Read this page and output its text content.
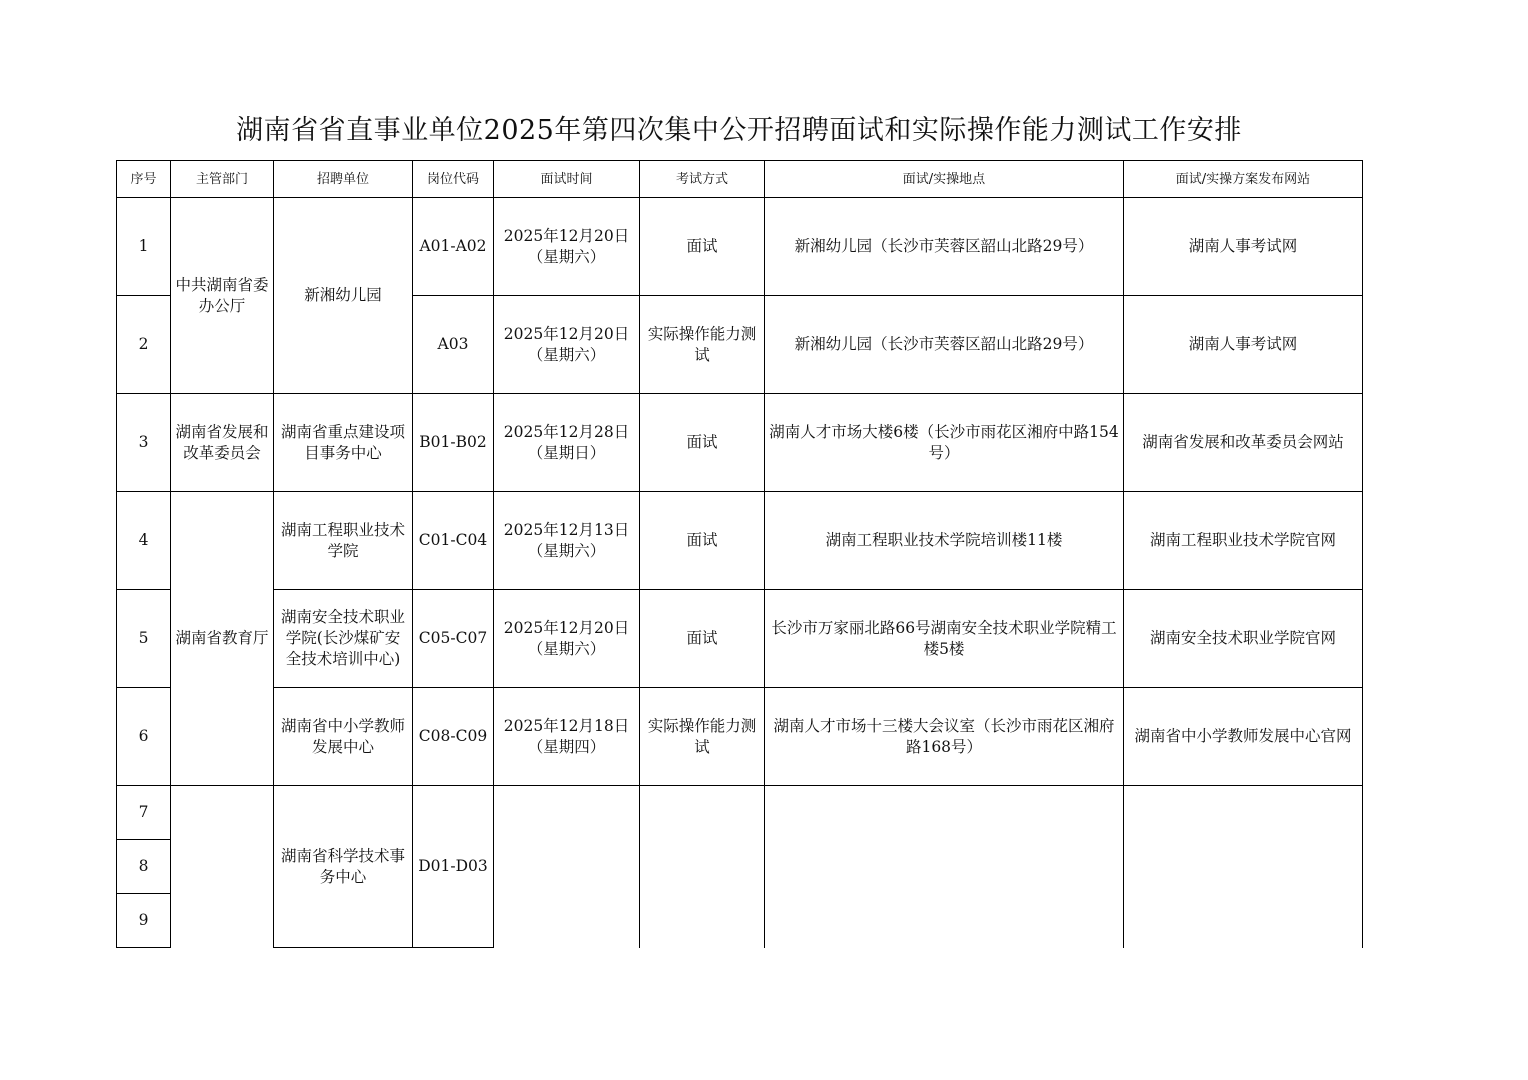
湖南省省直事业单位2025年第四次集中公开招聘面试和实际操作能力测试工作安排
序号	主管部门	招聘单位	岗位代码	面试时间	考试方式	面试/实操地点	面试/实操方案发布网站
1	中共湖南省委办公厅	新湘幼儿园	A01-A02	2025年12月20日（星期六）	面试	新湘幼儿园（长沙市芙蓉区韶山北路29号）	湖南人事考试网
2			A03	2025年12月20日（星期六）	实际操作能力测试	新湘幼儿园（长沙市芙蓉区韶山北路29号）	湖南人事考试网
3	湖南省发展和改革委员会	湖南省重点建设项目事务中心	B01-B02	2025年12月28日（星期日）	面试	湖南人才市场大楼6楼（长沙市雨花区湘府中路154号）	湖南省发展和改革委员会网站
4	湖南省教育厅	湖南工程职业技术学院	C01-C04	2025年12月13日（星期六）	面试	湖南工程职业技术学院培训楼11楼	湖南工程职业技术学院官网
5		湖南安全技术职业学院(长沙煤矿安全技术培训中心)	C05-C07	2025年12月20日（星期六）	面试	长沙市万家丽北路66号湖南安全技术职业学院精工楼5楼	湖南安全技术职业学院官网
6		湖南省中小学教师发展中心	C08-C09	2025年12月18日（星期四）	实际操作能力测试	湖南人才市场十三楼大会议室（长沙市雨花区湘府路168号）	湖南省中小学教师发展中心官网
7		湖南省科学技术事务中心	D01-D03				
8							
9							
